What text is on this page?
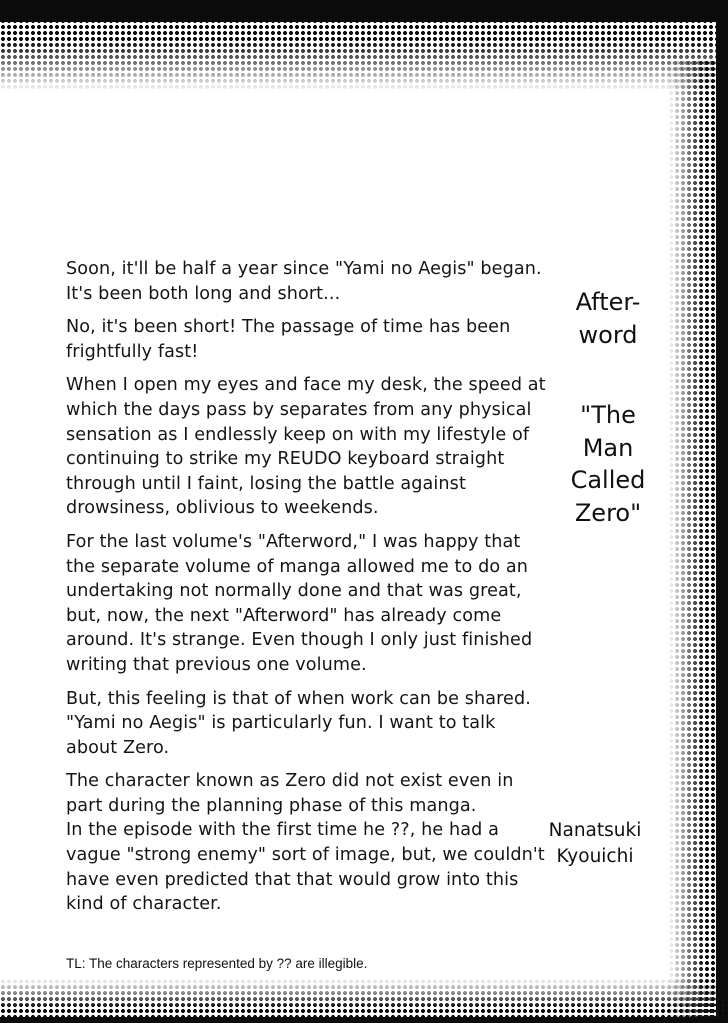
Soon, it'll be half a year since "Yami no Aegis" began. It's been both long and short...

No, it's been short! The passage of time has been frightfully fast!

When I open my eyes and face my desk, the speed at which the days pass by separates from any physical sensation as I endlessly keep on with my lifestyle of continuing to strike my REUDO keyboard straight through until I faint, losing the battle against drowsiness, oblivious to weekends.

For the last volume's "Afterword," I was happy that the separate volume of manga allowed me to do an undertaking not normally done and that was great, but, now, the next "Afterword" has already come around. It's strange. Even though I only just finished writing that previous one volume.

But, this feeling is that of when work can be shared. "Yami no Aegis" is particularly fun. I want to talk about Zero.

The character known as Zero did not exist even in part during the planning phase of this manga.

In the episode with the first time he ??, he had a vague "strong enemy" sort of image, but, we couldn't have even predicted that that would grow into this kind of character.

After-
word
"The
Man
Called
Zero"
Nanatsuki
Kyouichi
TL: The characters represented by ?? are illegible.
